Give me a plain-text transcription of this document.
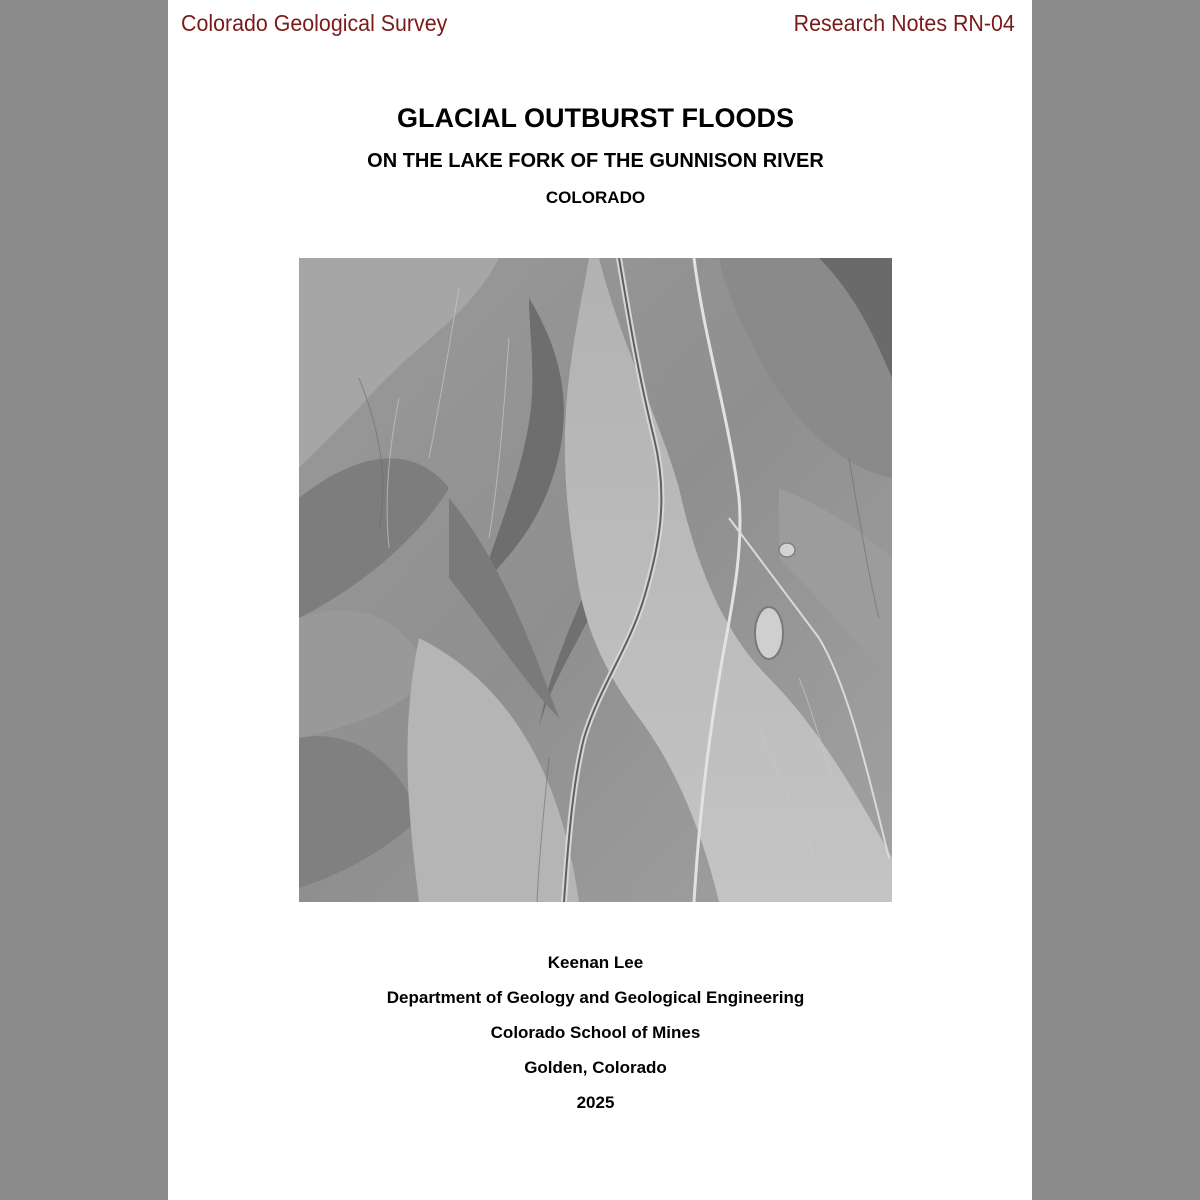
Colorado Geological Survey	Research Notes RN-04
GLACIAL OUTBURST FLOODS
ON THE LAKE FORK OF THE GUNNISON RIVER
COLORADO
Keenan Lee
Department of Geology and Geological Engineering
Colorado School of Mines
Golden, Colorado
2025
